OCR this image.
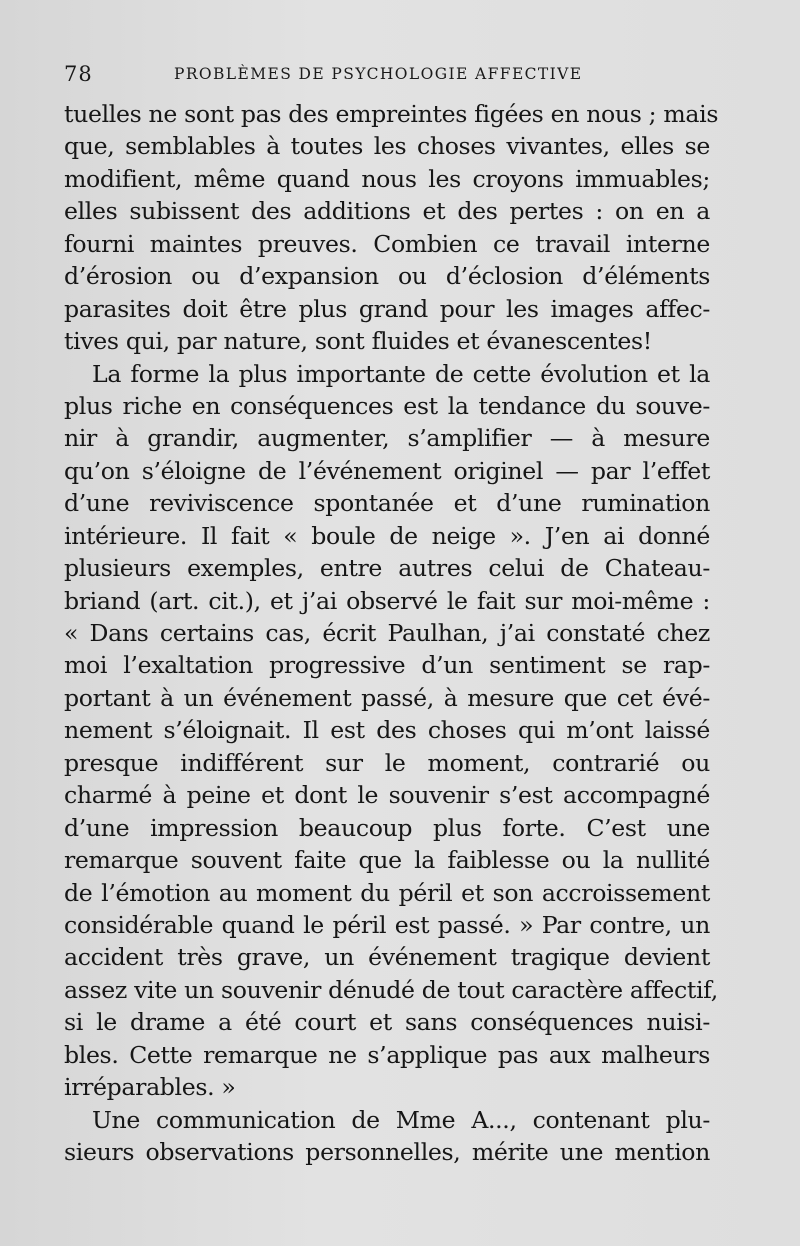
78	PROBLÈMES DE PSYCHOLOGIE AFFECTIVE
tuelles ne sont pas des empreintes figées en nous ; mais
que, semblables à toutes les choses vivantes, elles se
modifient, même quand nous les croyons immuables;
elles subissent des additions et des pertes : on en a
fourni maintes preuves. Combien ce travail interne
d’érosion ou d’expansion ou d’éclosion d’éléments
parasites doit être plus grand pour les images affec-
tives qui, par nature, sont fluides et évanescentes!
La forme la plus importante de cette évolution et la
plus riche en conséquences est la tendance du souve-
nir à grandir, augmenter, s’amplifier — à mesure
qu’on s’éloigne de l’événement originel — par l’effet
d’une reviviscence spontanée et d’une rumination
intérieure. Il fait « boule de neige ». J’en ai donné
plusieurs exemples, entre autres celui de Chateau-
briand (art. cit.), et j’ai observé le fait sur moi-même :
« Dans certains cas, écrit Paulhan, j’ai constaté chez
moi l’exaltation progressive d’un sentiment se rap-
portant à un événement passé, à mesure que cet évé-
nement s’éloignait. Il est des choses qui m’ont laissé
presque indifférent sur le moment, contrarié ou
charmé à peine et dont le souvenir s’est accompagné
d’une impression beaucoup plus forte. C’est une
remarque souvent faite que la faiblesse ou la nullité
de l’émotion au moment du péril et son accroissement
considérable quand le péril est passé. » Par contre, un
accident très grave, un événement tragique devient
assez vite un souvenir dénudé de tout caractère affectif,
si le drame a été court et sans conséquences nuisi-
bles. Cette remarque ne s’applique pas aux malheurs
irréparables. »
Une communication de Mme A..., contenant plu-
sieurs observations personnelles, mérite une mention
